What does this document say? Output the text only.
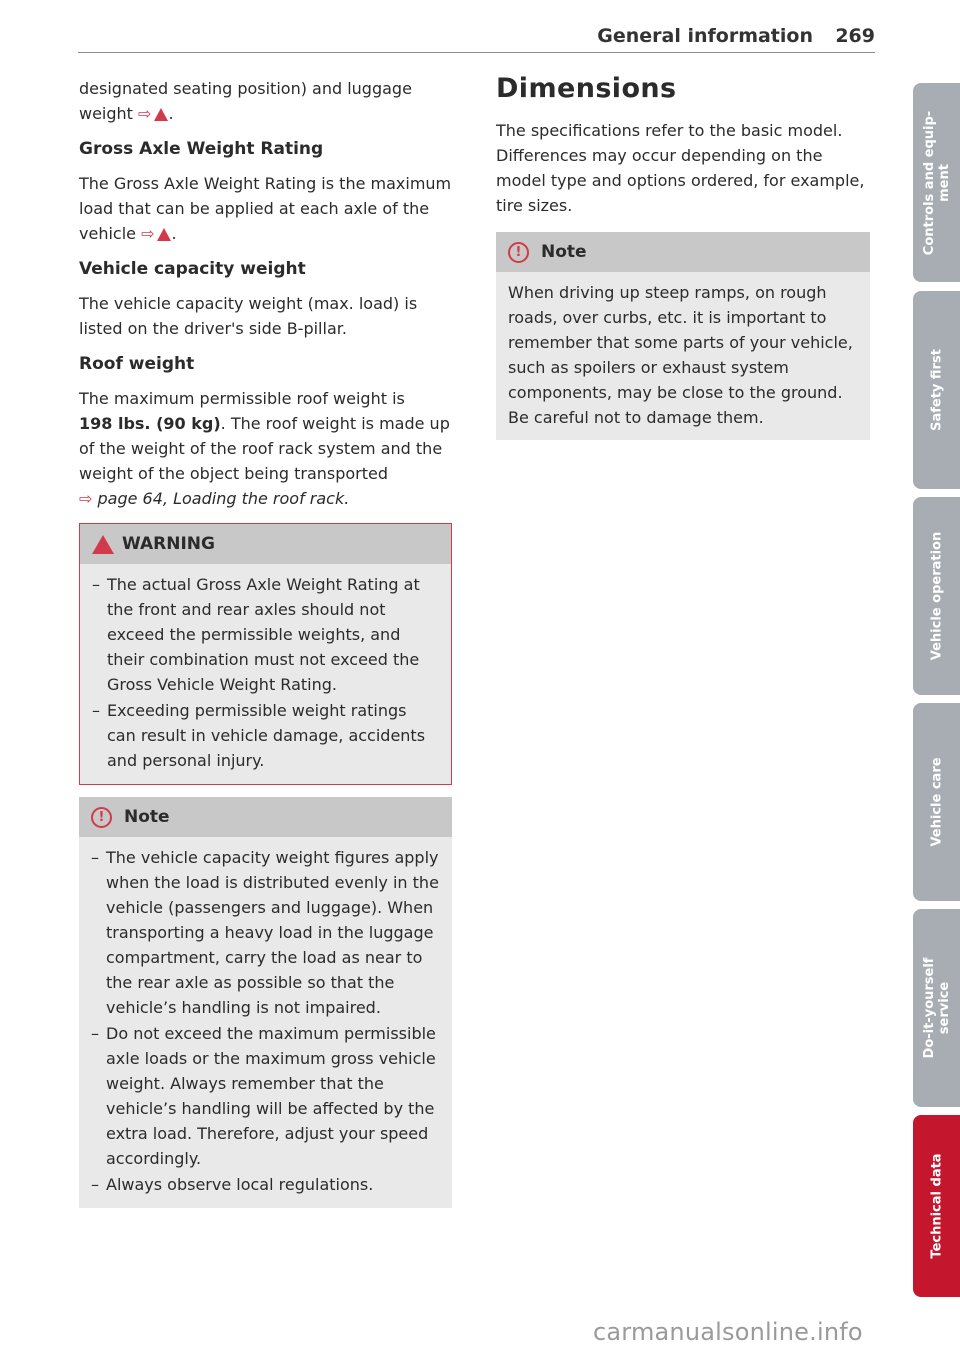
General information 269

designated seating position) and luggage
weight ⇨ .

Gross Axle Weight Rating

The Gross Axle Weight Rating is the maximum load that can be applied at each axle of the vehicle ⇨ .

Vehicle capacity weight

The vehicle capacity weight (max. load) is listed on the driver's side B-pillar.

Roof weight

The maximum permissible roof weight is
198 lbs. (90 kg). The roof weight is made up of the weight of the roof rack system and the weight of the object being transported
⇨ page 64, Loading the roof rack.

WARNING
– The actual Gross Axle Weight Rating at the front and rear axles should not exceed the permissible weights, and their combination must not exceed the Gross Vehicle Weight Rating.
– Exceeding permissible weight ratings can result in vehicle damage, accidents and personal injury.
!	Note
– The vehicle capacity weight figures apply when the load is distributed evenly in the vehicle (passengers and luggage). When transporting a heavy load in the luggage compartment, carry the load as near to the rear axle as possible so that the vehicle’s handling is not impaired.
– Do not exceed the maximum permissible axle loads or the maximum gross vehicle weight. Always remember that the vehicle’s handling will be affected by the extra load. Therefore, adjust your speed accordingly.
– Always observe local regulations.
Dimensions

The specifications refer to the basic model. Differences may occur depending on the model type and options ordered, for example, tire sizes.

!	Note

When driving up steep ramps, on rough roads, over curbs, etc. it is important to remember that some parts of your vehicle, such as spoilers or exhaust system components, may be close to the ground. Be careful not to damage them.

Controls and equip-
ment
Safety first
Vehicle operation
Vehicle care
Do-it-yourself
service
Technical data
carmanualsonline.info
